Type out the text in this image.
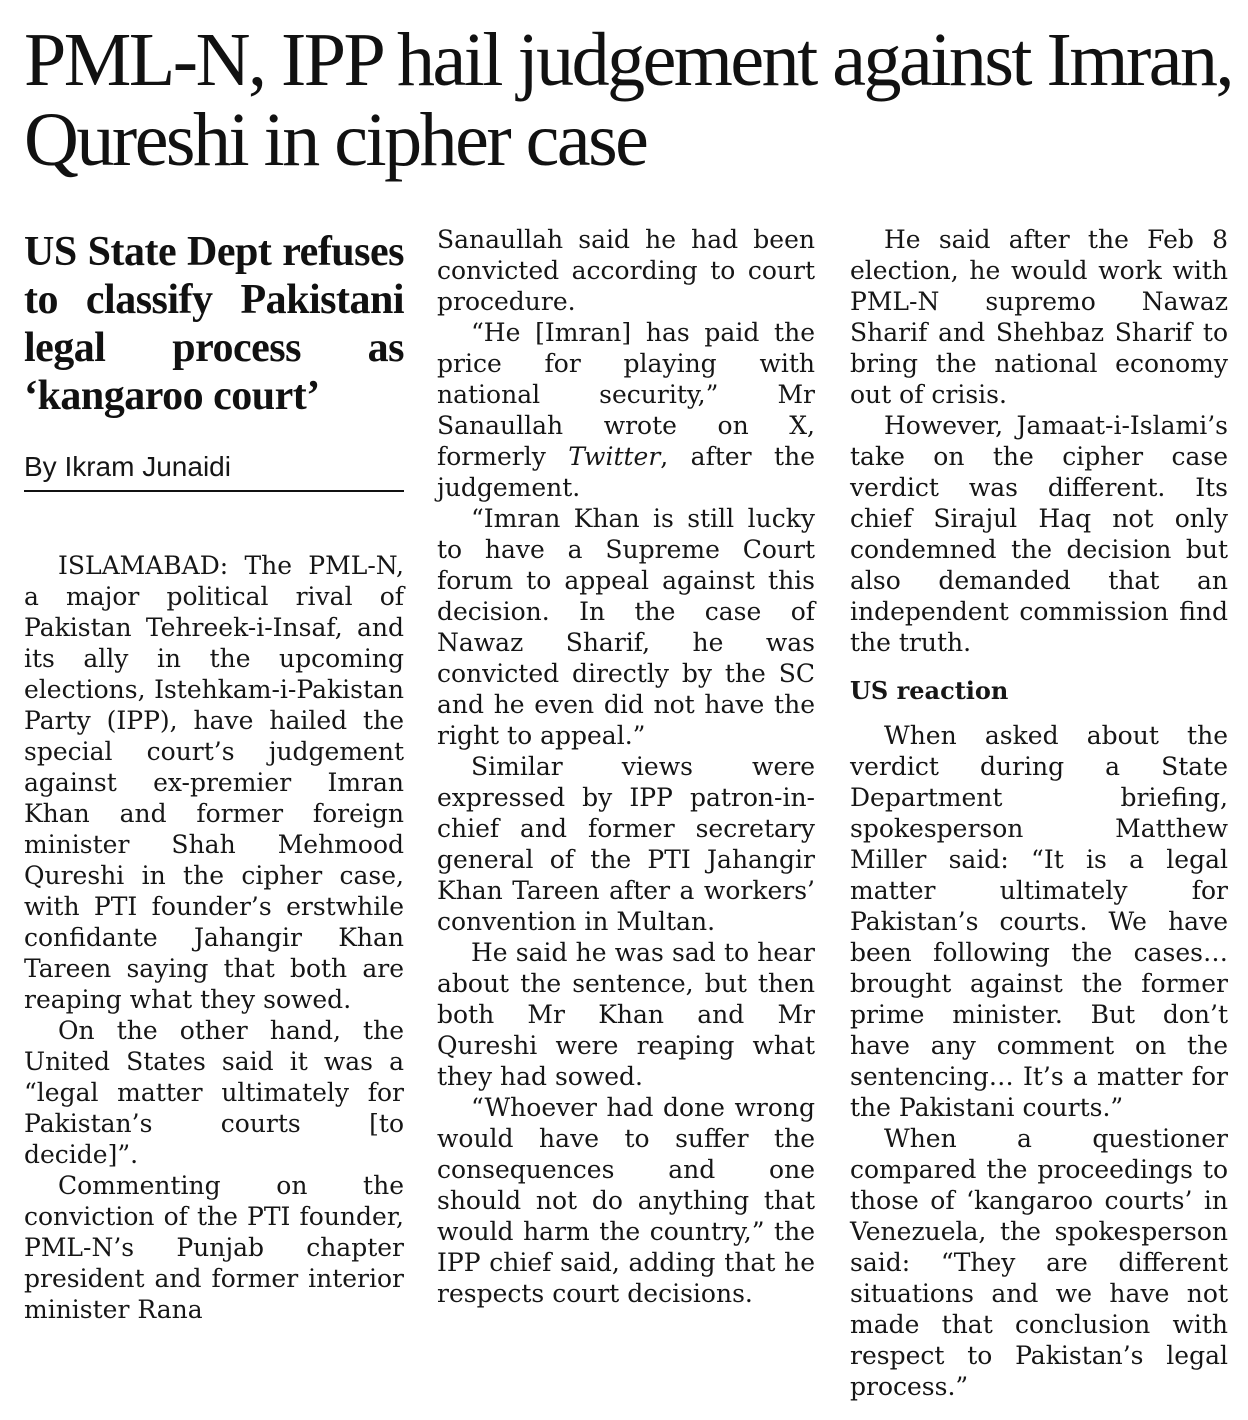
PML-N, IPP hail judgement against Imran, Qureshi in cipher case
US State Dept refuses to classify Pakistani legal process as ‘kangaroo court’
By Ikram Junaidi

ISLAMABAD: The PML-N, a major political rival of Pakistan Tehreek-i-Insaf, and its ally in the upcoming elections, Istehkam-i-Pakistan Party (IPP), have hailed the special court’s judgement against ex-premier Imran Khan and former foreign minister Shah Mehmood Qureshi in the cipher case, with PTI founder’s erstwhile confidante Jahangir Khan Tareen saying that both are reaping what they sowed.

On the other hand, the United States said it was a “legal matter ultimately for Pakistan’s courts [to decide]”.

Commenting on the conviction of the PTI founder, PML-N’s Punjab chapter president and former interior minister Rana

Sanaullah said he had been convicted according to court procedure.

“He [Imran] has paid the price for playing with national security,” Mr Sanaullah wrote on X, formerly Twitter, after the judgement.

“Imran Khan is still lucky to have a Supreme Court forum to appeal against this decision. In the case of Nawaz Sharif, he was convicted directly by the SC and he even did not have the right to appeal.”

Similar views were expressed by IPP patron-in-chief and former secretary general of the PTI Jahangir Khan Tareen after a workers’ convention in Multan.

He said he was sad to hear about the sentence, but then both Mr Khan and Mr Qureshi were reaping what they had sowed.

“Whoever had done wrong would have to suffer the consequences and one should not do anything that would harm the country,” the IPP chief said, adding that he respects court decisions.

He said after the Feb 8 election, he would work with PML-N supremo Nawaz Sharif and Shehbaz Sharif to bring the national economy out of crisis.

However, Jamaat-i-Islami’s take on the cipher case verdict was different. Its chief Sirajul Haq not only condemned the decision but also demanded that an independent commission find the truth.

US reaction

When asked about the verdict during a State Department briefing, spokesperson Matthew Miller said: “It is a legal matter ultimately for Pakistan’s courts. We have been following the cases… brought against the former prime minister. But don’t have any comment on the sentencing… It’s a matter for the Pakistani courts.”

When a questioner compared the proceedings to those of ‘kangaroo courts’ in Venezuela, the spokesperson said: “They are different situations and we have not made that conclusion with respect to Pakistan’s legal process.”
